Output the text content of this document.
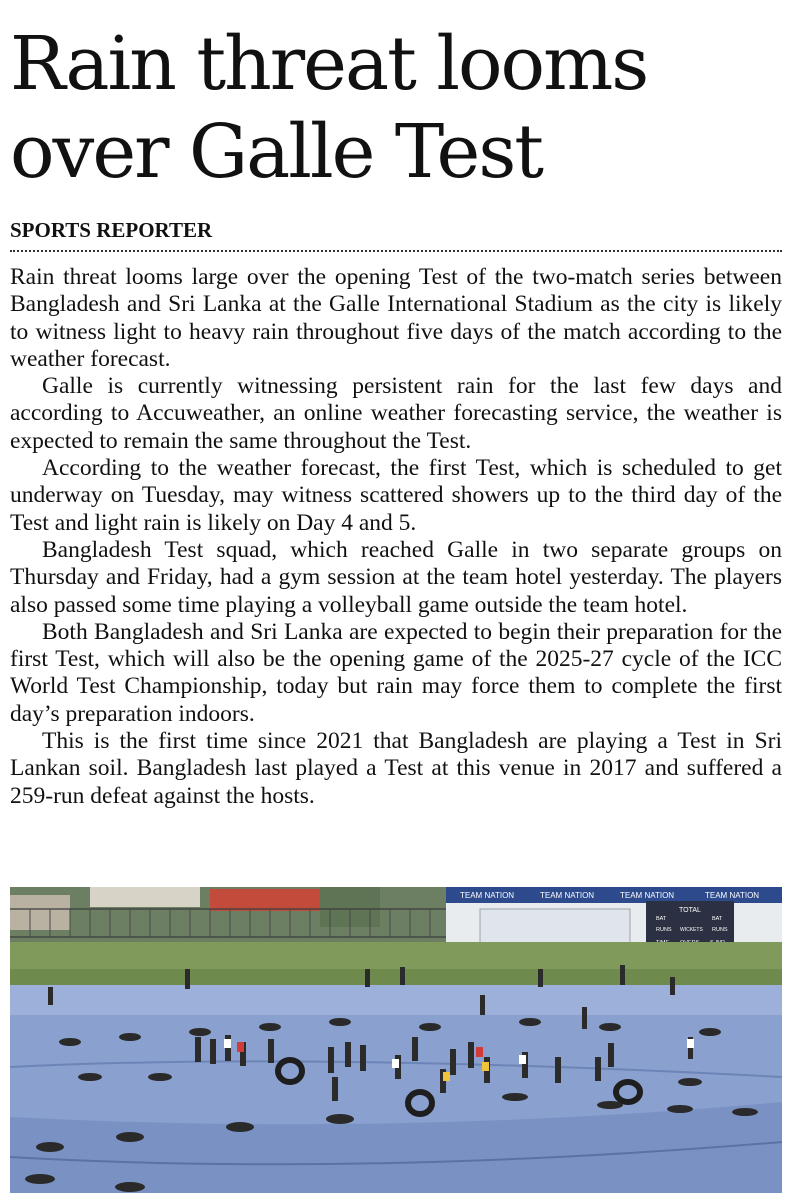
Rain threat looms
over Galle Test
SPORTS REPORTER

Rain threat looms large over the opening Test of the two-match series between Bangladesh and Sri Lanka at the Galle International Stadium as the city is likely to witness light to heavy rain throughout five days of the match according to the weather forecast.

Galle is currently witnessing persistent rain for the last few days and according to Accuweather, an online weather forecasting service, the weather is expected to remain the same throughout the Test.

According to the weather forecast, the first Test, which is scheduled to get underway on Tuesday, may witness scattered showers up to the third day of the Test and light rain is likely on Day 4 and 5.

Bangladesh Test squad, which reached Galle in two separate groups on Thursday and Friday, had a gym session at the team hotel yesterday. The players also passed some time playing a volleyball game outside the team hotel.

Both Bangladesh and Sri Lanka are expected to begin their preparation for the first Test, which will also be the opening game of the 2025-27 cycle of the ICC World Test Championship, today but rain may force them to complete the first day’s preparation indoors.

This is the first time since 2021 that Bangladesh are playing a Test in Sri Lankan soil. Bangladesh last played a Test at this venue in 2017 and suffered a 259-run defeat against the hosts.

TEAM NATION	TEAM NATION	TEAM NATION	TEAM NATION
TOTAL
BAT	BAT
RUNS WICKETS RUNS
